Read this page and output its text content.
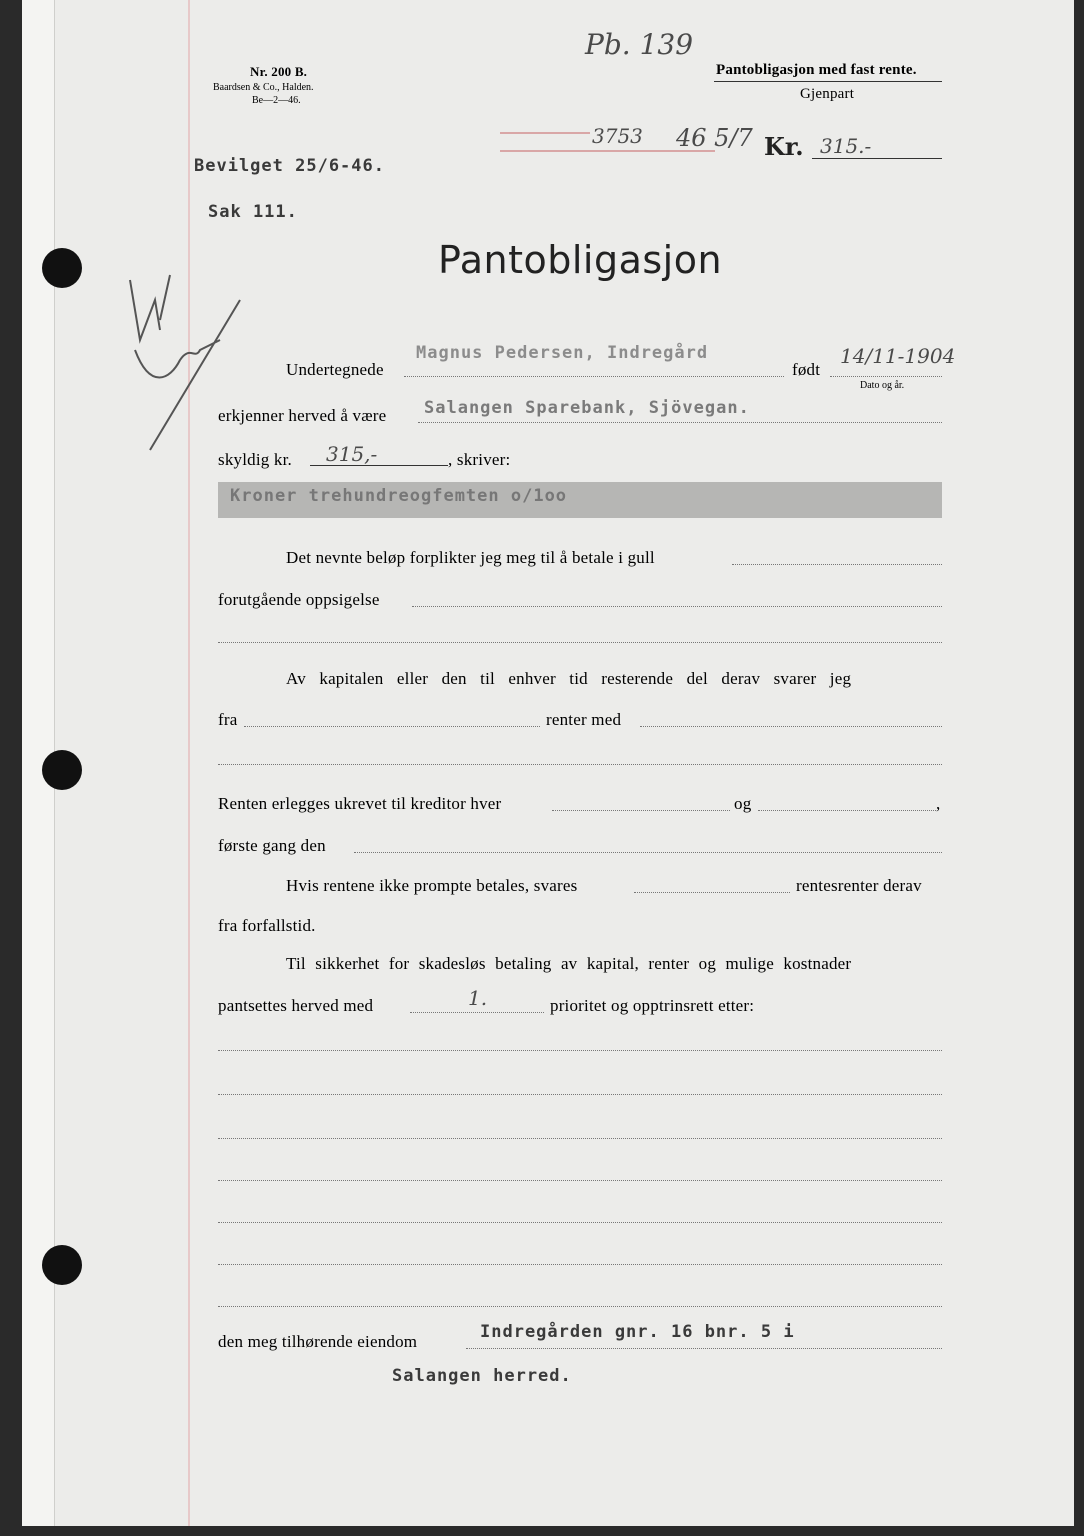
Nr. 200 B.
Baardsen & Co., Halden.
Be—2—46.
Pb. 139
Pantobligasjon med fast rente.
Gjenpart
3753 46 5/7 Kr. 315.-
Bevilget 25/6-46.
Sak 111.
Pantobligasjon
Undertegnede
Magnus Pedersen, Indregård
født
14/11-1904
Dato og år.
erkjenner herved å være Salangen Sparebank, Sjövegan.
skyldig kr. 315,-	, skriver:
Kroner trehundreogfemten o/1oo
Det nevnte beløp forplikter jeg meg til å betale i gull
forutgående oppsigelse
Av kapitalen eller den til enhver tid resterende del derav svarer jeg
fra	renter med
Renten erlegges ukrevet til kreditor hver	og	,
første gang den
Hvis rentene ikke prompte betales, svares	rentesrenter derav
fra forfallstid.
Til sikkerhet for skadesløs betaling av kapital, renter og mulige kostnader
pantsettes herved med	1.	prioritet og opptrinsrett etter:
den meg tilhørende eiendom	Indregården gnr. 16 bnr. 5 i
Salangen herred.
